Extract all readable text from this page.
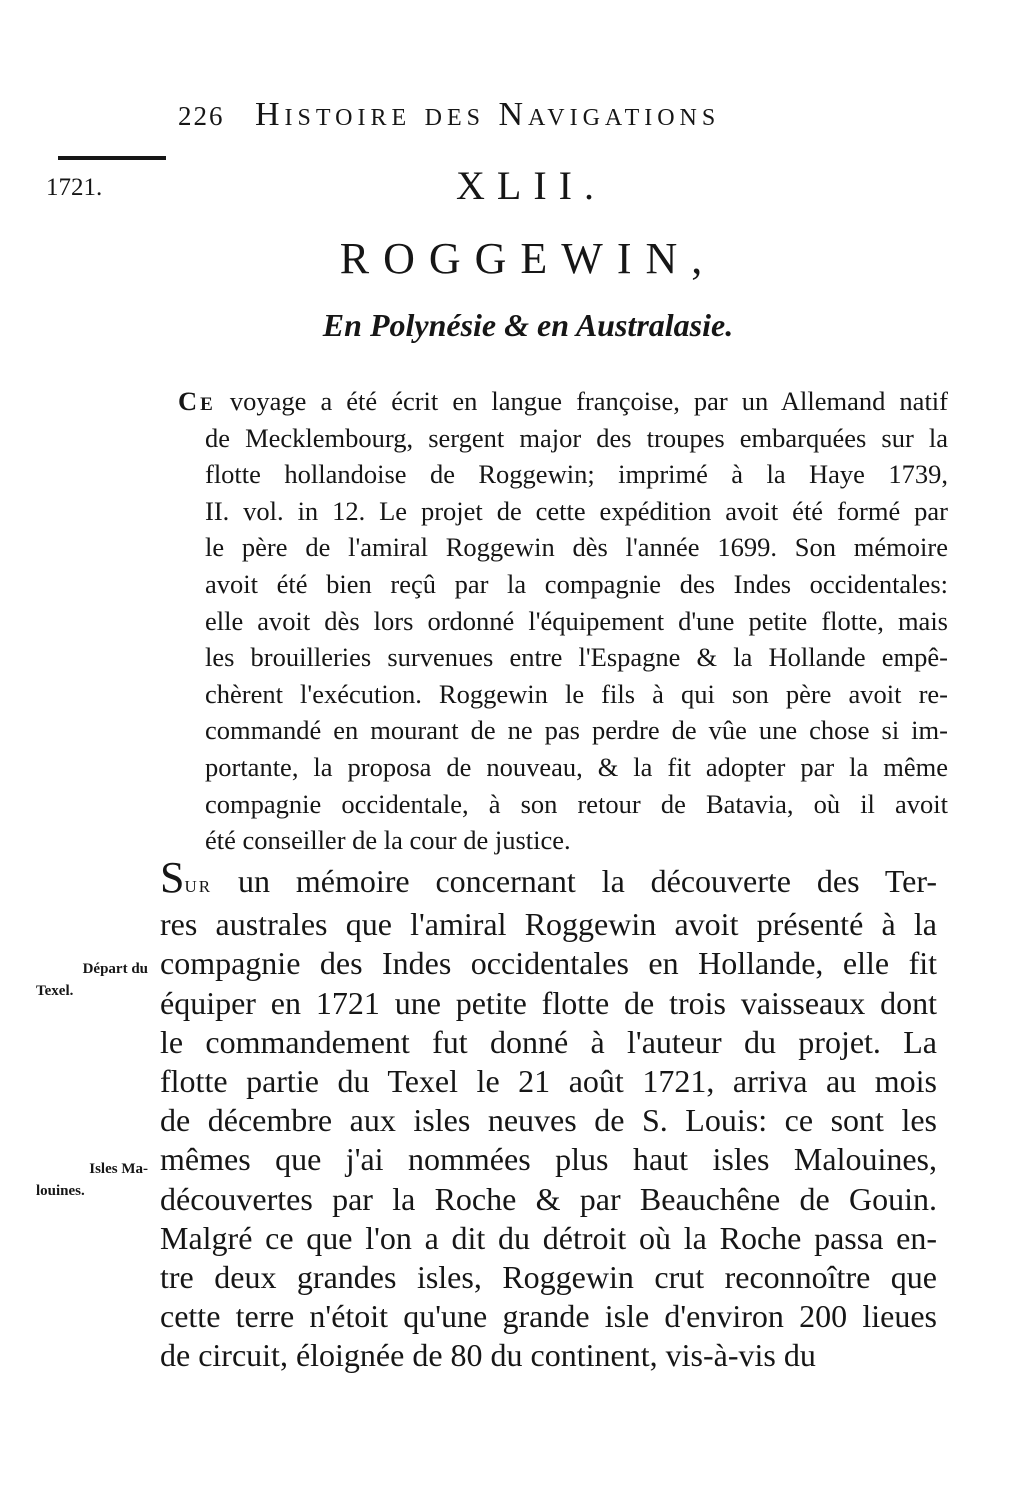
226 Histoire des Navigations
1721.	XLII.
ROGGEWIN,
En Polynésie & en Australasie.
Ce voyage a été écrit en langue françoise, par un Allemand natif
de Mecklembourg, sergent major des troupes embarquées sur la
flotte hollandoise de Roggewin; imprimé à la Haye 1739,
II. vol. in 12. Le projet de cette expédition avoit été formé par
le père de l'amiral Roggewin dès l'année 1699. Son mémoire
avoit été bien reçû par la compagnie des Indes occidentales:
elle avoit dès lors ordonné l'équipement d'une petite flotte, mais
les brouilleries survenues entre l'Espagne & la Hollande empê-
chèrent l'exécution. Roggewin le fils à qui son père avoit re-
commandé en mourant de ne pas perdre de vûe une chose si im-
portante, la proposa de nouveau, & la fit adopter par la même
compagnie occidentale, à son retour de Batavia, où il avoit
été conseiller de la cour de justice.
Sur un mémoire concernant la découverte des Ter-
res australes que l'amiral Roggewin avoit présenté à la
compagnie des Indes occidentales en Hollande, elle fit
équiper en 1721 une petite flotte de trois vaisseaux dont
le commandement fut donné à l'auteur du projet. La
flotte partie du Texel le 21 août 1721, arriva au mois
de décembre aux isles neuves de S. Louis: ce sont les
mêmes que j'ai nommées plus haut isles Malouines,
découvertes par la Roche & par Beauchêne de Gouin.
Malgré ce que l'on a dit du détroit où la Roche passa en-
tre deux grandes isles, Roggewin crut reconnoître que
cette terre n'étoit qu'une grande isle d'environ 200 lieues
de circuit, éloignée de 80 du continent, vis-à-vis du
Départ du
Texel.
Isles Ma-
louines.
